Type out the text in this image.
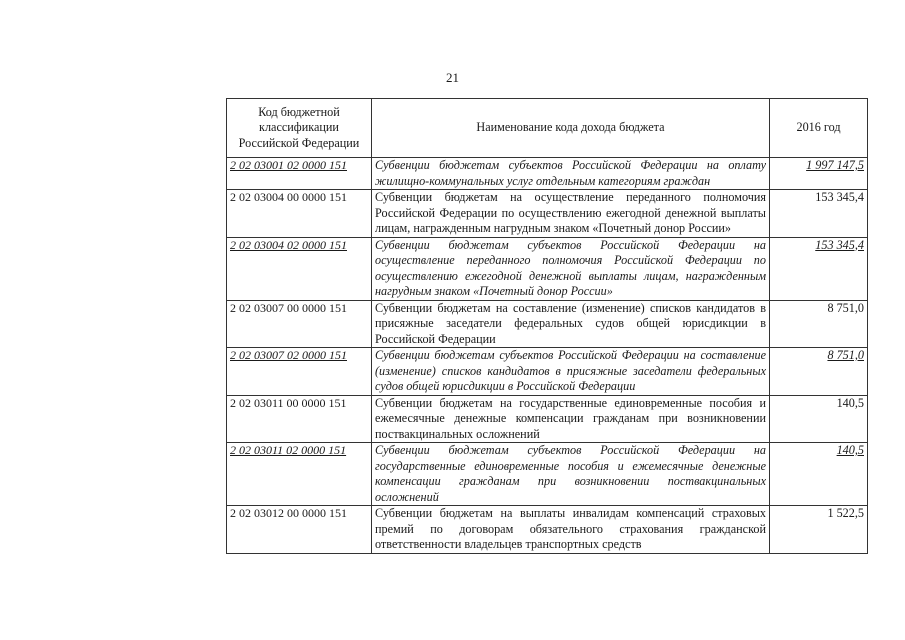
21
Код бюджетной классификации Российской Федерации	Наименование кода дохода бюджета	2016 год
2 02 03001 02 0000 151	Субвенции бюджетам субъектов Российской Федерации на оплату жилищно-коммунальных услуг отдельным категориям граждан	1 997 147,5
2 02 03004 00 0000 151	Субвенции бюджетам на осуществление переданного полномочия Российской Федерации по осуществлению ежегодной денежной выплаты лицам, награжденным нагрудным знаком «Почетный донор России»	153 345,4
2 02 03004 02 0000 151	Субвенции бюджетам субъектов Российской Федерации на осуществление переданного полномочия Российской Федерации по осуществлению ежегодной денежной выплаты лицам, награжденным нагрудным знаком «Почетный донор России»	153 345,4
2 02 03007 00 0000 151	Субвенции бюджетам на составление (изменение) списков кандидатов в присяжные заседатели федеральных судов общей юрисдикции в Российской Федерации	8 751,0
2 02 03007 02 0000 151	Субвенции бюджетам субъектов Российской Федерации на составление (изменение) списков кандидатов в присяжные заседатели федеральных судов общей юрисдикции в Российской Федерации	8 751,0
2 02 03011 00 0000 151	Субвенции бюджетам на государственные единовременные пособия и ежемесячные денежные компенсации гражданам при возникновении поствакцинальных осложнений	140,5
2 02 03011 02 0000 151	Субвенции бюджетам субъектов Российской Федерации на государственные единовременные пособия и ежемесячные денежные компенсации гражданам при возникновении поствакцинальных осложнений	140,5
2 02 03012 00 0000 151	Субвенции бюджетам на выплаты инвалидам компенсаций страховых премий по договорам обязательного страхования гражданской ответственности владельцев транспортных средств	1 522,5
